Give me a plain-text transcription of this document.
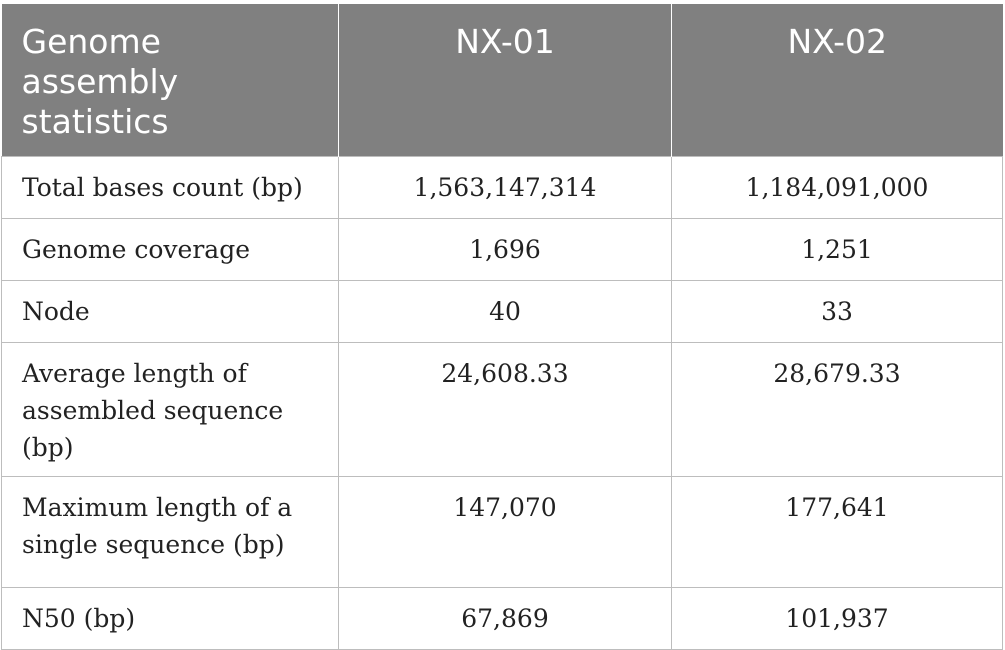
Genome assembly statistics	NX-01	NX-02
Total bases count (bp)	1,563,147,314	1,184,091,000
Genome coverage	1,696	1,251
Node	40	33
Average length of assembled sequence (bp)	24,608.33	28,679.33
Maximum length of a single sequence (bp)	147,070	177,641
N50 (bp)	67,869	101,937
